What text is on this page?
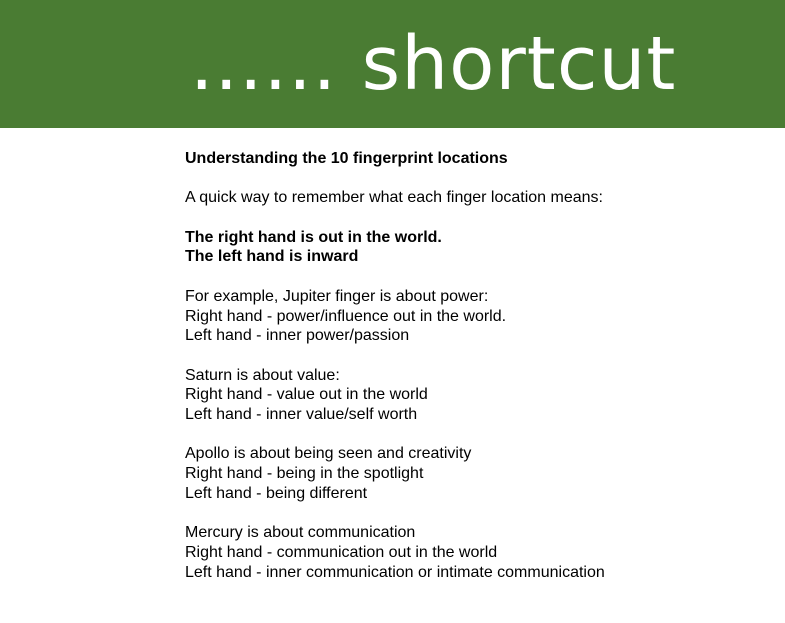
...... shortcut
Understanding the 10 fingerprint locations
A quick way to remember what each finger location means:
The right hand is out in the world.
The left hand is inward
For example, Jupiter finger is about power:
Right hand - power/influence out in the world.
Left hand - inner power/passion
Saturn is about value:
Right hand - value out in the world
Left hand - inner value/self worth
Apollo is about being seen and creativity
Right hand - being in the spotlight
Left hand - being different
Mercury is about communication
Right hand - communication out in the world
Left hand - inner communication or intimate communication
